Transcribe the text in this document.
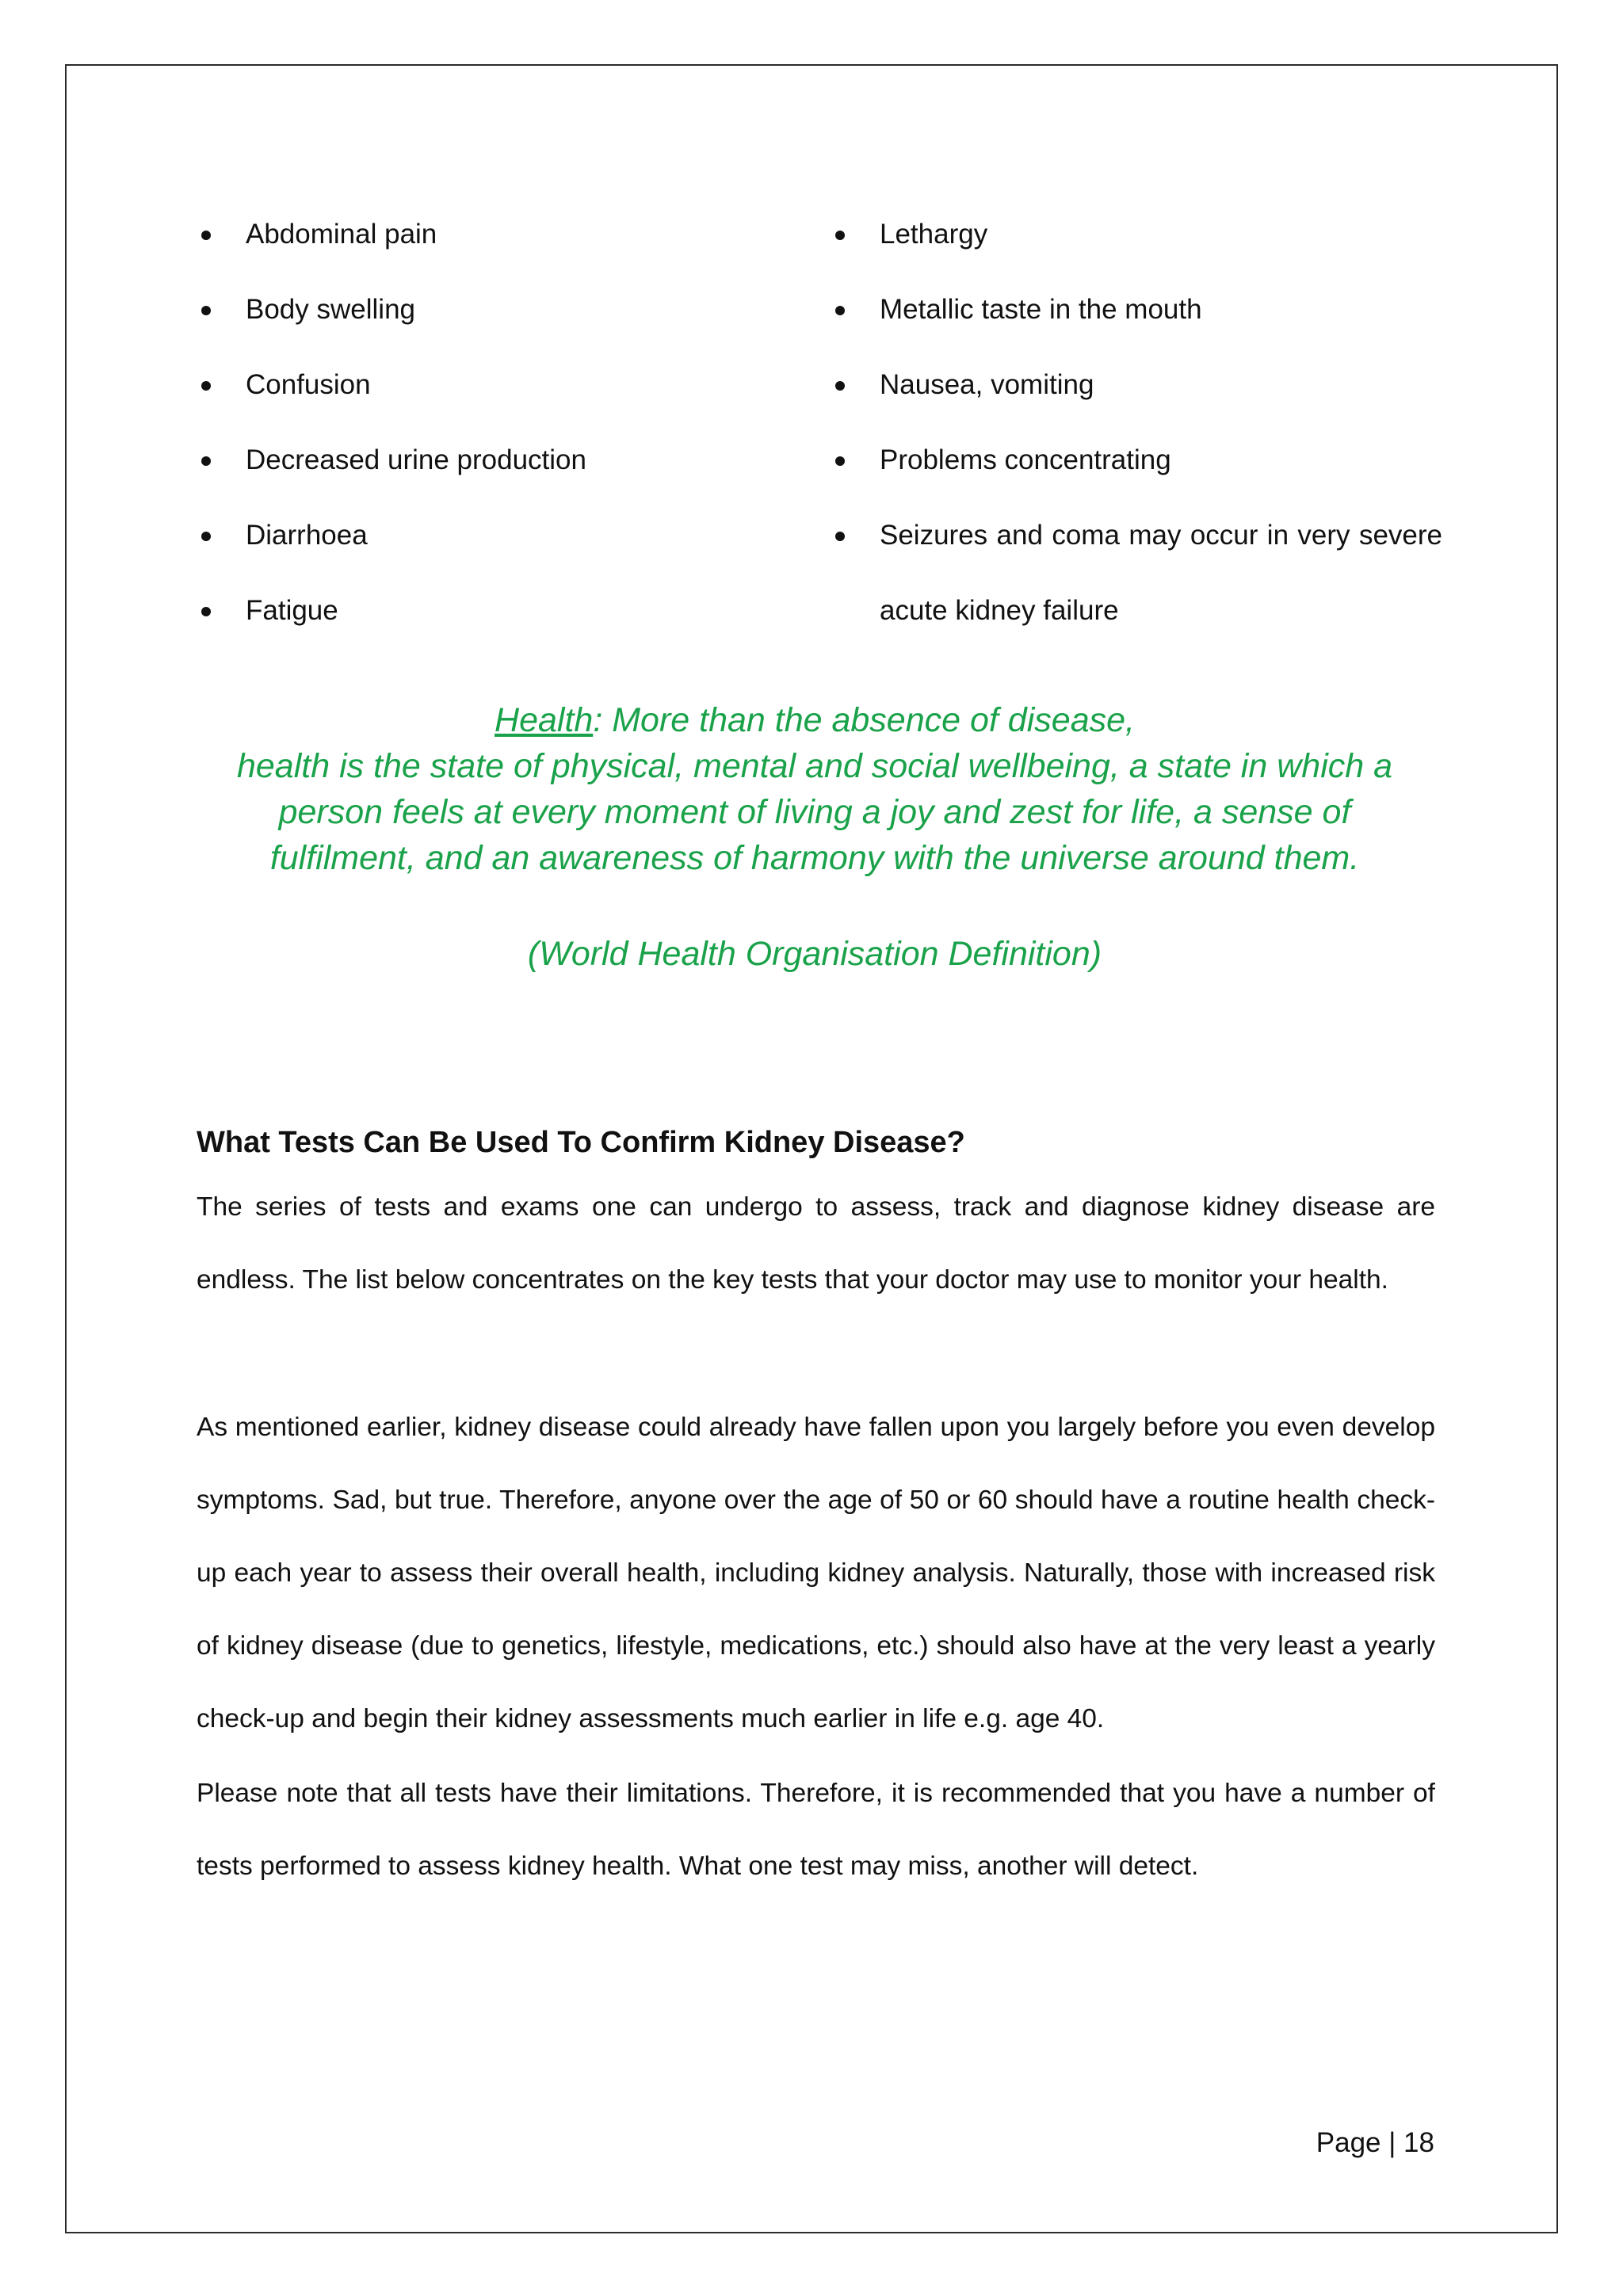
Abdominal pain
Body swelling
Confusion
Decreased urine production
Diarrhoea
Fatigue
Lethargy
Metallic taste in the mouth
Nausea, vomiting
Problems concentrating
Seizures and coma may occur in very severe acute kidney failure
Health: More than the absence of disease,
health is the state of physical, mental and social wellbeing, a state in which a
person feels at every moment of living a joy and zest for life, a sense of
fulfilment, and an awareness of harmony with the universe around them.
(World Health Organisation Definition)
What Tests Can Be Used To Confirm Kidney Disease?

The series of tests and exams one can undergo to assess, track and diagnose kidney disease are endless. The list below concentrates on the key tests that your doctor may use to monitor your health.

As mentioned earlier, kidney disease could already have fallen upon you largely before you even develop symptoms. Sad, but true. Therefore, anyone over the age of 50 or 60 should have a routine health check-up each year to assess their overall health, including kidney analysis. Naturally, those with increased risk of kidney disease (due to genetics, lifestyle, medications, etc.) should also have at the very least a yearly check-up and begin their kidney assessments much earlier in life e.g. age 40.

Please note that all tests have their limitations. Therefore, it is recommended that you have a number of tests performed to assess kidney health. What one test may miss, another will detect.

Page | 18
